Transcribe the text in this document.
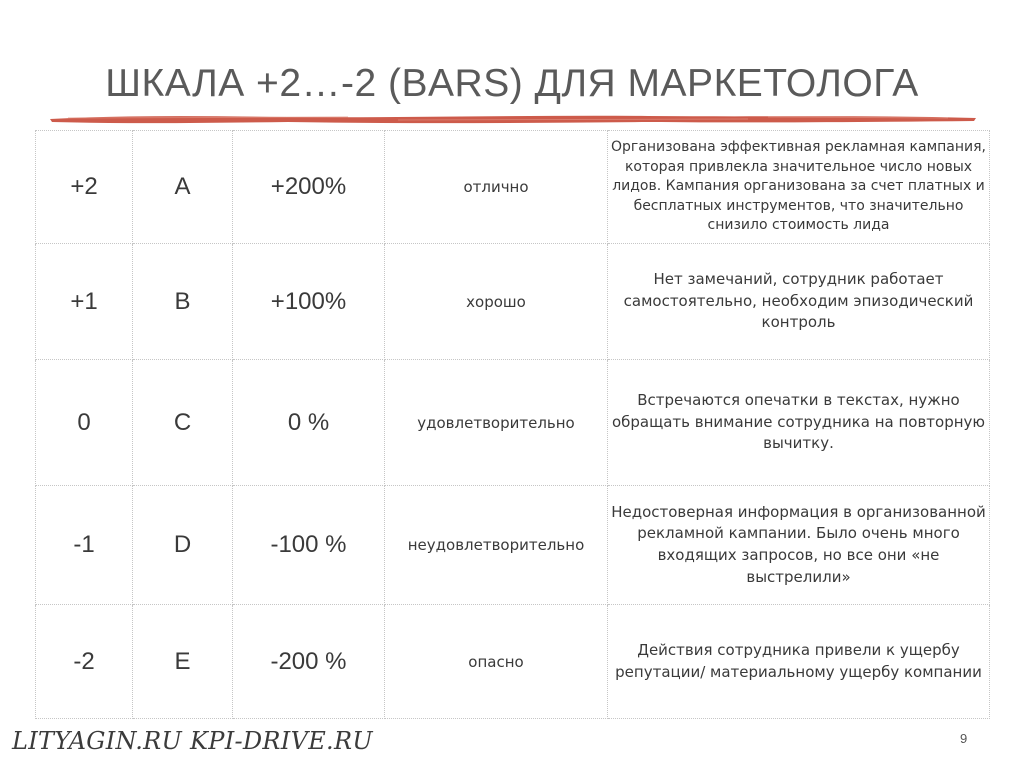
ШКАЛА +2…-2 (BARS) ДЛЯ МАРКЕТОЛОГА
+2	A	+200%	отлично	Организована эффективная рекламная кампания, которая привлекла значительное число новых лидов. Кампания организована за счет платных и бесплатных инструментов, что значительно снизило стоимость лида
+1	B	+100%	хорошо	Нет замечаний, сотрудник работает самостоятельно, необходим эпизодический контроль
0	C	0 %	удовлетворительно	Встречаются опечатки в текстах, нужно обращать внимание сотрудника на повторную вычитку.
-1	D	-100 %	неудовлетворительно	Недостоверная информация в организованной рекламной кампании. Было очень много входящих запросов, но все они «не выстрелили»
-2	E	-200 %	опасно	Действия сотрудника привели к ущербу репутации/ материальному ущербу компании
LITYAGIN.RU KPI-DRIVE.RU	9
